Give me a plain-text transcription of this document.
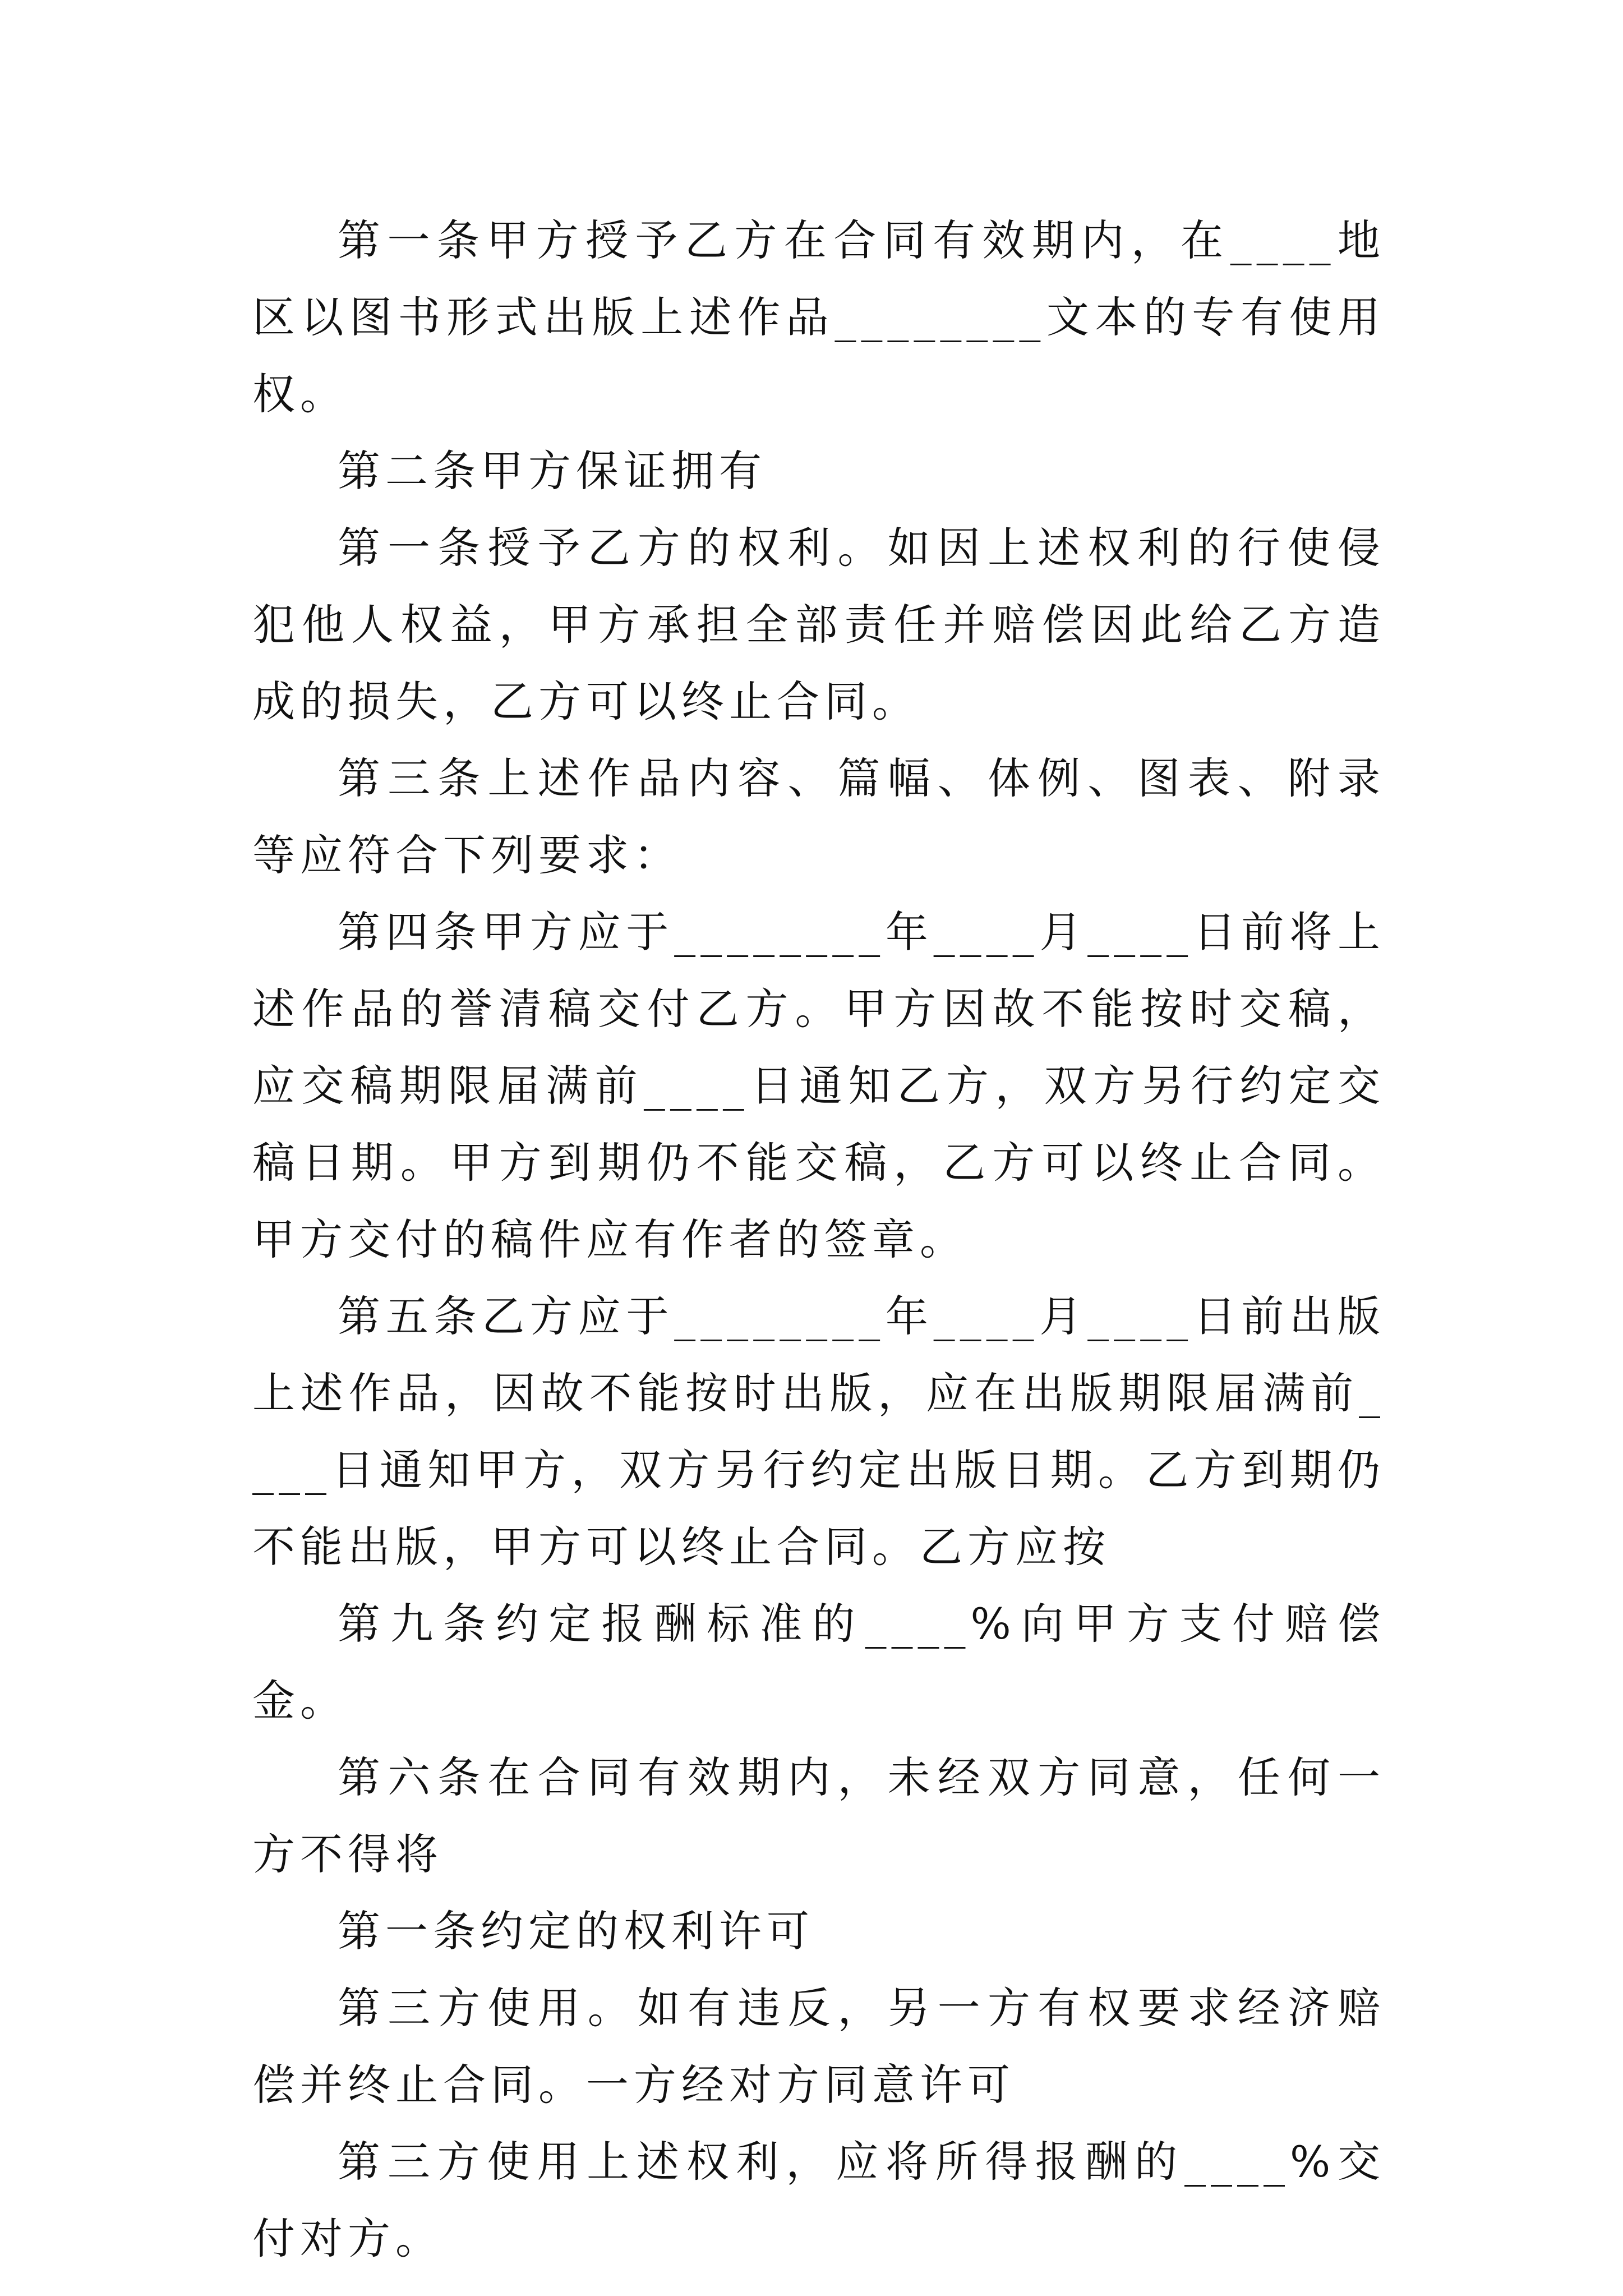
第一条甲方授予乙方在合同有效期内，在____地区以图书形式出版上述作品________文本的专有使用权。

第二条甲方保证拥有

第一条授予乙方的权利。如因上述权利的行使侵犯他人权益，甲方承担全部责任并赔偿因此给乙方造成的损失，乙方可以终止合同。

第三条上述作品内容、篇幅、体例、图表、附录等应符合下列要求：

第四条甲方应于________年____月____日前将上述作品的誉清稿交付乙方。甲方因故不能按时交稿，应交稿期限届满前____日通知乙方，双方另行约定交稿日期。甲方到期仍不能交稿，乙方可以终止合同。甲方交付的稿件应有作者的签章。

第五条乙方应于________年____月____日前出版上述作品，因故不能按时出版，应在出版期限届满前____日通知甲方，双方另行约定出版日期。乙方到期仍不能出版，甲方可以终止合同。乙方应按

第九条约定报酬标准的____%向甲方支付赔偿金。

第六条在合同有效期内，未经双方同意，任何一方不得将

第一条约定的权利许可

第三方使用。如有违反，另一方有权要求经济赔偿并终止合同。一方经对方同意许可

第三方使用上述权利，应将所得报酬的____%交付对方。
